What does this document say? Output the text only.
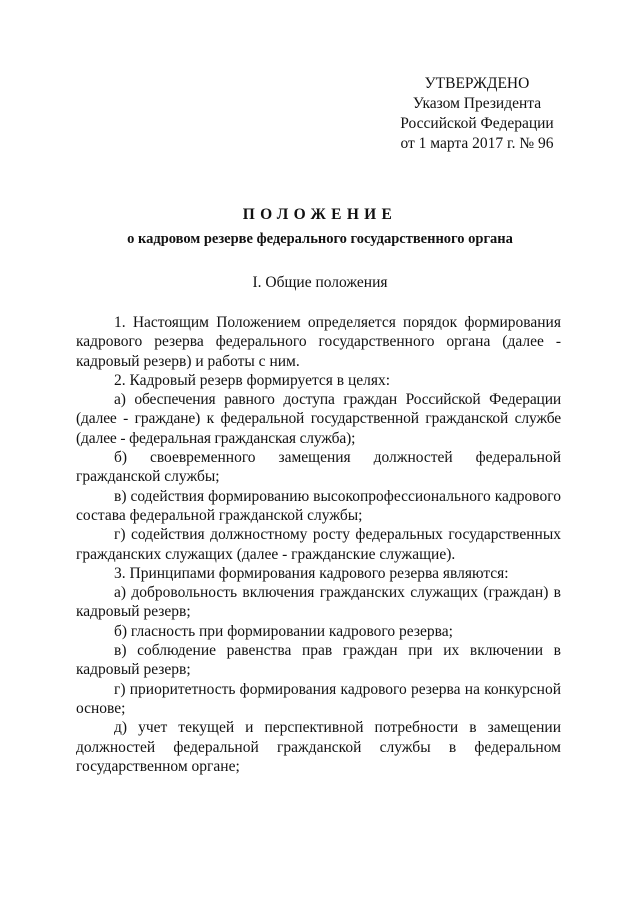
УТВЕРЖДЕНО
Указом Президента
Российской Федерации
от 1 марта 2017 г. № 96
ПОЛОЖЕНИЕ
о кадровом резерве федерального государственного органа
I. Общие положения

1. Настоящим Положением определяется порядок формирования кадрового резерва федерального государственного органа (далее - кадровый резерв) и работы с ним.

2. Кадровый резерв формируется в целях:

а) обеспечения равного доступа граждан Российской Федерации (далее - граждане) к федеральной государственной гражданской службе (далее - федеральная гражданская служба);

б) своевременного замещения должностей федеральной гражданской службы;

в) содействия формированию высокопрофессионального кадрового состава федеральной гражданской службы;

г) содействия должностному росту федеральных государственных гражданских служащих (далее - гражданские служащие).

3. Принципами формирования кадрового резерва являются:

а) добровольность включения гражданских служащих (граждан) в кадровый резерв;

б) гласность при формировании кадрового резерва;

в) соблюдение равенства прав граждан при их включении в кадровый резерв;

г) приоритетность формирования кадрового резерва на конкурсной основе;

д) учет текущей и перспективной потребности в замещении должностей федеральной гражданской службы в федеральном государственном органе;
